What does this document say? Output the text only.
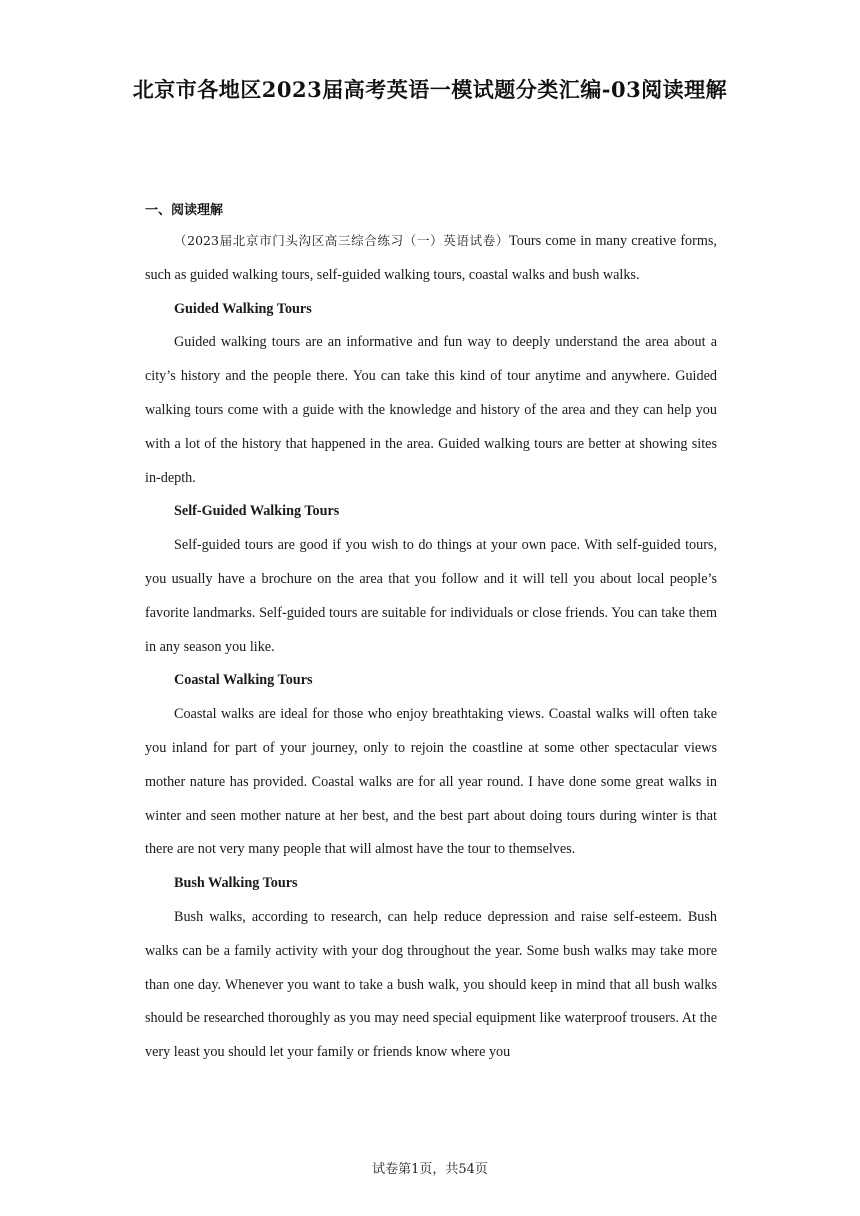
北京市各地区2023届高考英语一模试题分类汇编-03阅读理解
一、阅读理解

（2023届北京市门头沟区高三综合练习（一）英语试卷）Tours come in many creative forms, such as guided walking tours, self-guided walking tours, coastal walks and bush walks.

Guided Walking Tours

Guided walking tours are an informative and fun way to deeply understand the area about a city’s history and the people there. You can take this kind of tour anytime and anywhere. Guided walking tours come with a guide with the knowledge and history of the area and they can help you with a lot of the history that happened in the area. Guided walking tours are better at showing sites in-depth.

Self-Guided Walking Tours

Self-guided tours are good if you wish to do things at your own pace. With self-guided tours, you usually have a brochure on the area that you follow and it will tell you about local people’s favorite landmarks. Self-guided tours are suitable for individuals or close friends. You can take them in any season you like.

Coastal Walking Tours

Coastal walks are ideal for those who enjoy breathtaking views. Coastal walks will often take you inland for part of your journey, only to rejoin the coastline at some other spectacular views mother nature has provided. Coastal walks are for all year round. I have done some great walks in winter and seen mother nature at her best, and the best part about doing tours during winter is that there are not very many people that will almost have the tour to themselves.

Bush Walking Tours

Bush walks, according to research, can help reduce depression and raise self-esteem. Bush walks can be a family activity with your dog throughout the year. Some bush walks may take more than one day. Whenever you want to take a bush walk, you should keep in mind that all bush walks should be researched thoroughly as you may need special equipment like waterproof trousers. At the very least you should let your family or friends know where you

试卷第1页，共54页
